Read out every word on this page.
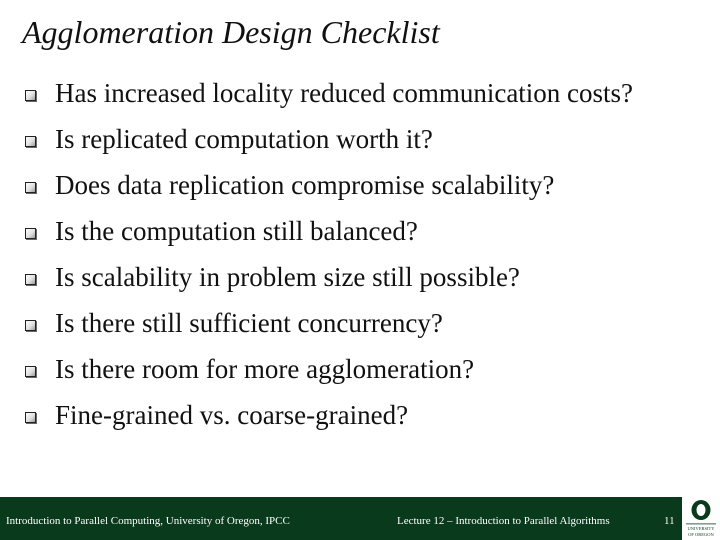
Agglomeration Design Checklist
Has increased locality reduced communication costs?
Is replicated computation worth it?
Does data replication compromise scalability?
Is the computation still balanced?
Is scalability in problem size still possible?
Is there still sufficient concurrency?
Is there room for more agglomeration?
Fine-grained vs. coarse-grained?
Introduction to Parallel Computing, University of Oregon, IPCC	Lecture 12 – Introduction to Parallel Algorithms	11
UNIVERSITY
OF OREGON
